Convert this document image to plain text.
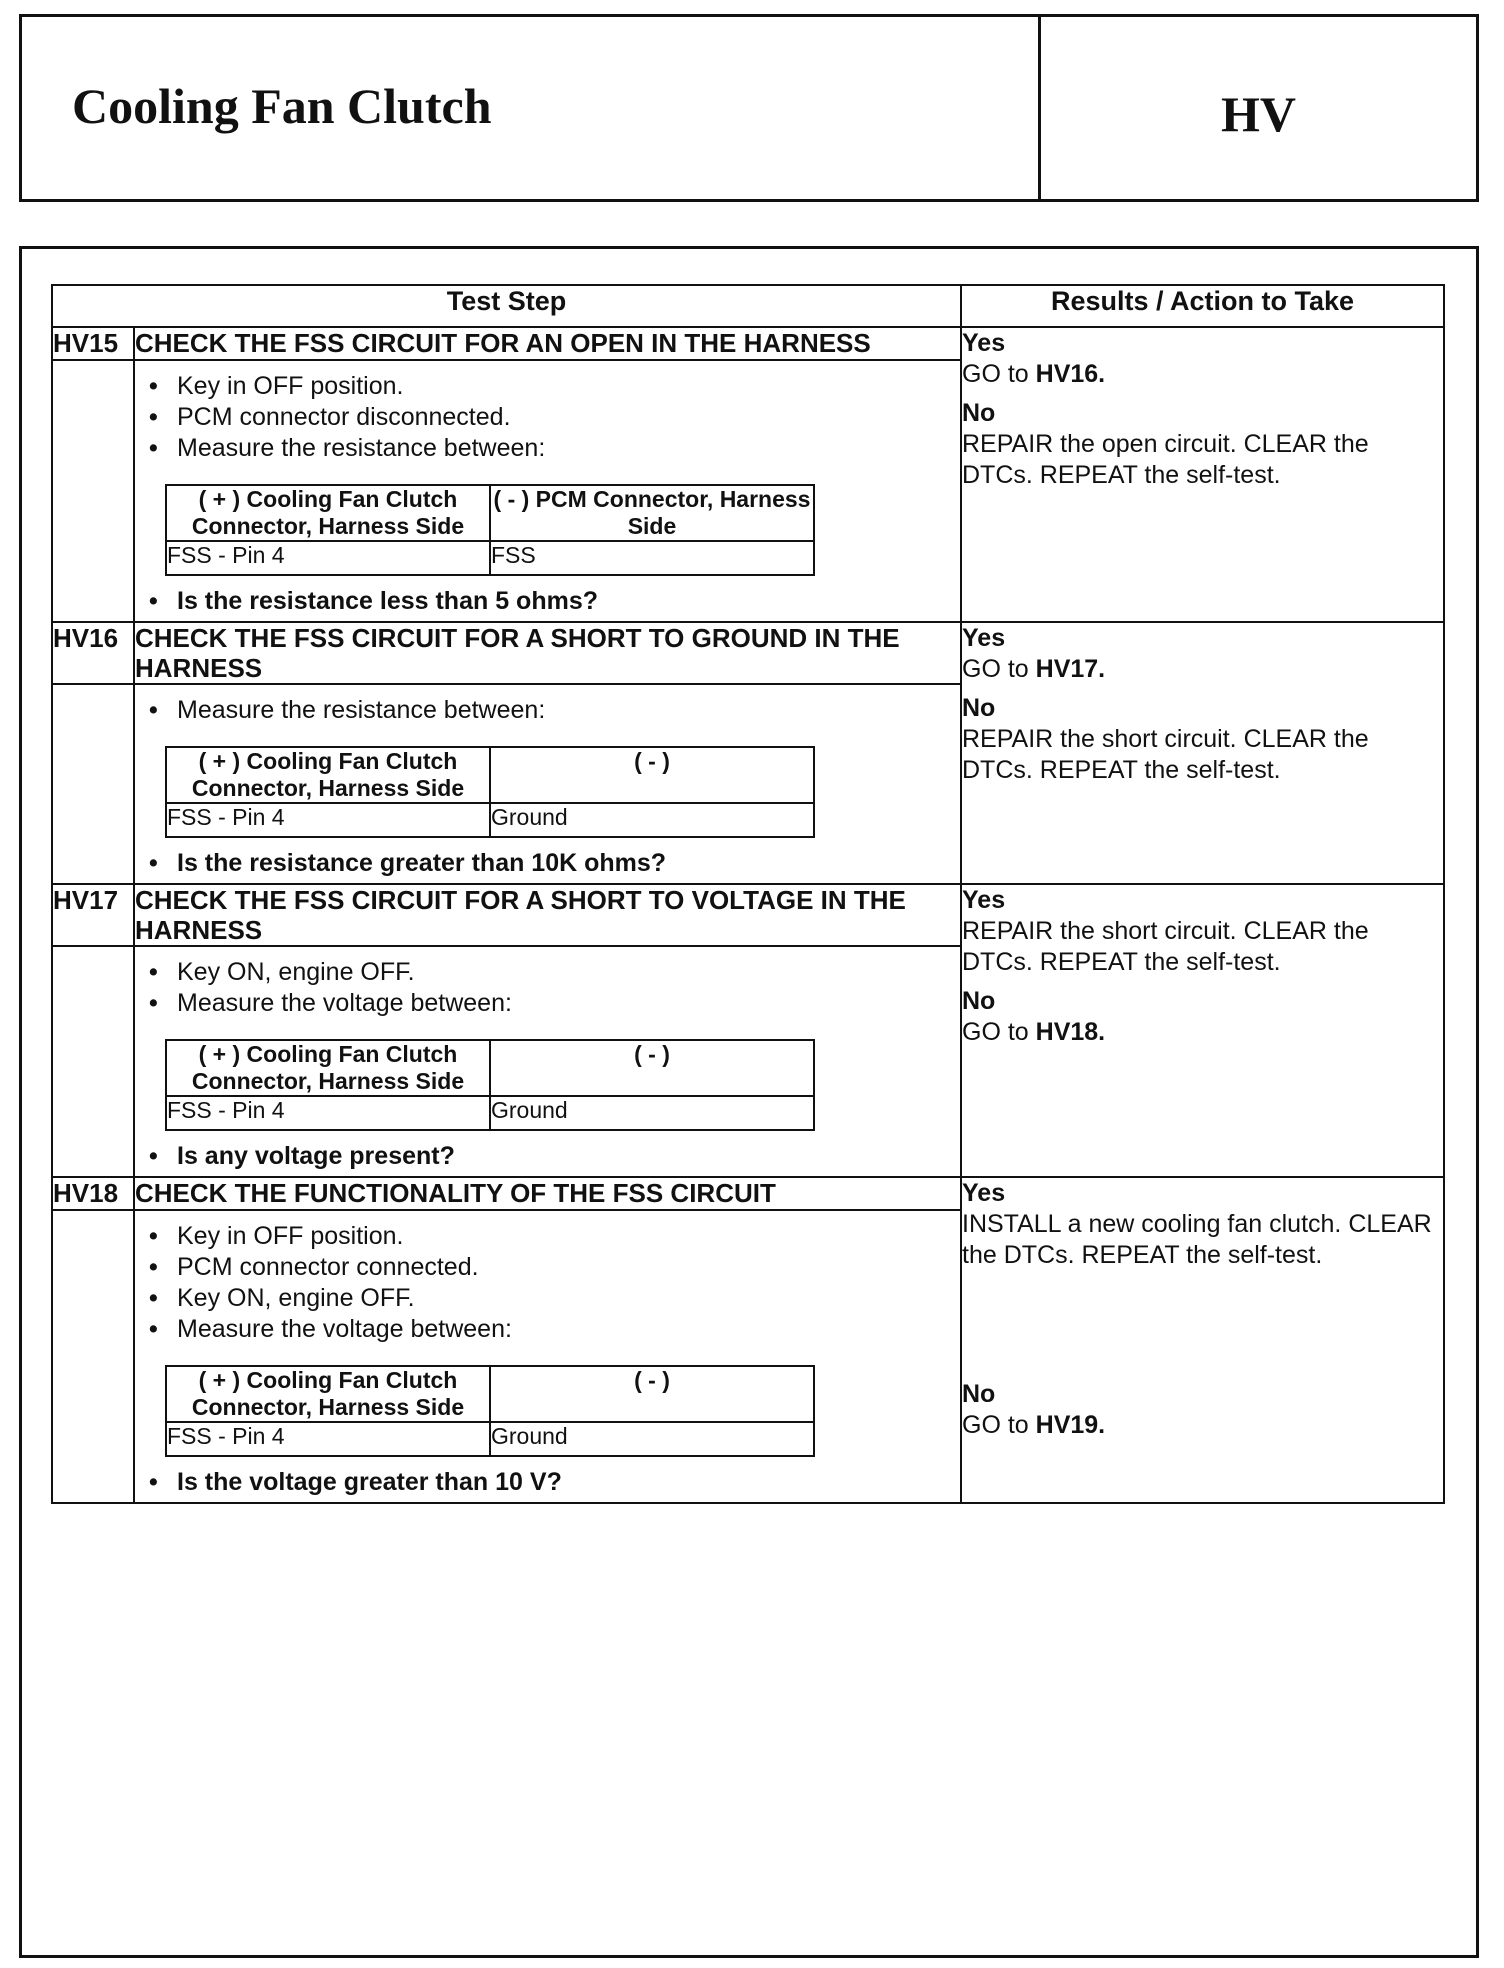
Cooling Fan Clutch	HV
Test Step	Results / Action to Take
HV15	CHECK THE FSS CIRCUIT FOR AN OPEN IN THE HARNESS	Yes
GO to HV16.
No
REPAIR the open circuit. CLEAR the DTCs. REPEAT the self-test.

• Key in OFF position.
• PCM connector disconnected.
• Measure the resistance between:
( + ) Cooling Fan Clutch Connector, Harness Side	( - ) PCM Connector, Harness Side
FSS - Pin 4	FSS
• Is the resistance less than 5 ohms?

HV16	CHECK THE FSS CIRCUIT FOR A SHORT TO GROUND IN THE HARNESS	
Yes
GO to HV17.
No
REPAIR the short circuit. CLEAR the DTCs. REPEAT the self-test.

• Measure the resistance between:
( + ) Cooling Fan Clutch Connector, Harness Side	( - )
FSS - Pin 4	Ground
• Is the resistance greater than 10K ohms?

HV17	CHECK THE FSS CIRCUIT FOR A SHORT TO VOLTAGE IN THE HARNESS	
Yes
REPAIR the short circuit. CLEAR the DTCs. REPEAT the self-test.
No
GO to HV18.

• Key ON, engine OFF.
• Measure the voltage between:
( + ) Cooling Fan Clutch Connector, Harness Side	( - )
FSS - Pin 4	Ground
• Is any voltage present?

HV18	CHECK THE FUNCTIONALITY OF THE FSS CIRCUIT	Yes
INSTALL a new cooling fan clutch. CLEAR the DTCs. REPEAT the self-test.
No
GO to HV19.

• Key in OFF position.
• PCM connector connected.
• Key ON, engine OFF.
• Measure the voltage between:
( + ) Cooling Fan Clutch Connector, Harness Side	( - )
FSS - Pin 4	Ground
• Is the voltage greater than 10 V?
